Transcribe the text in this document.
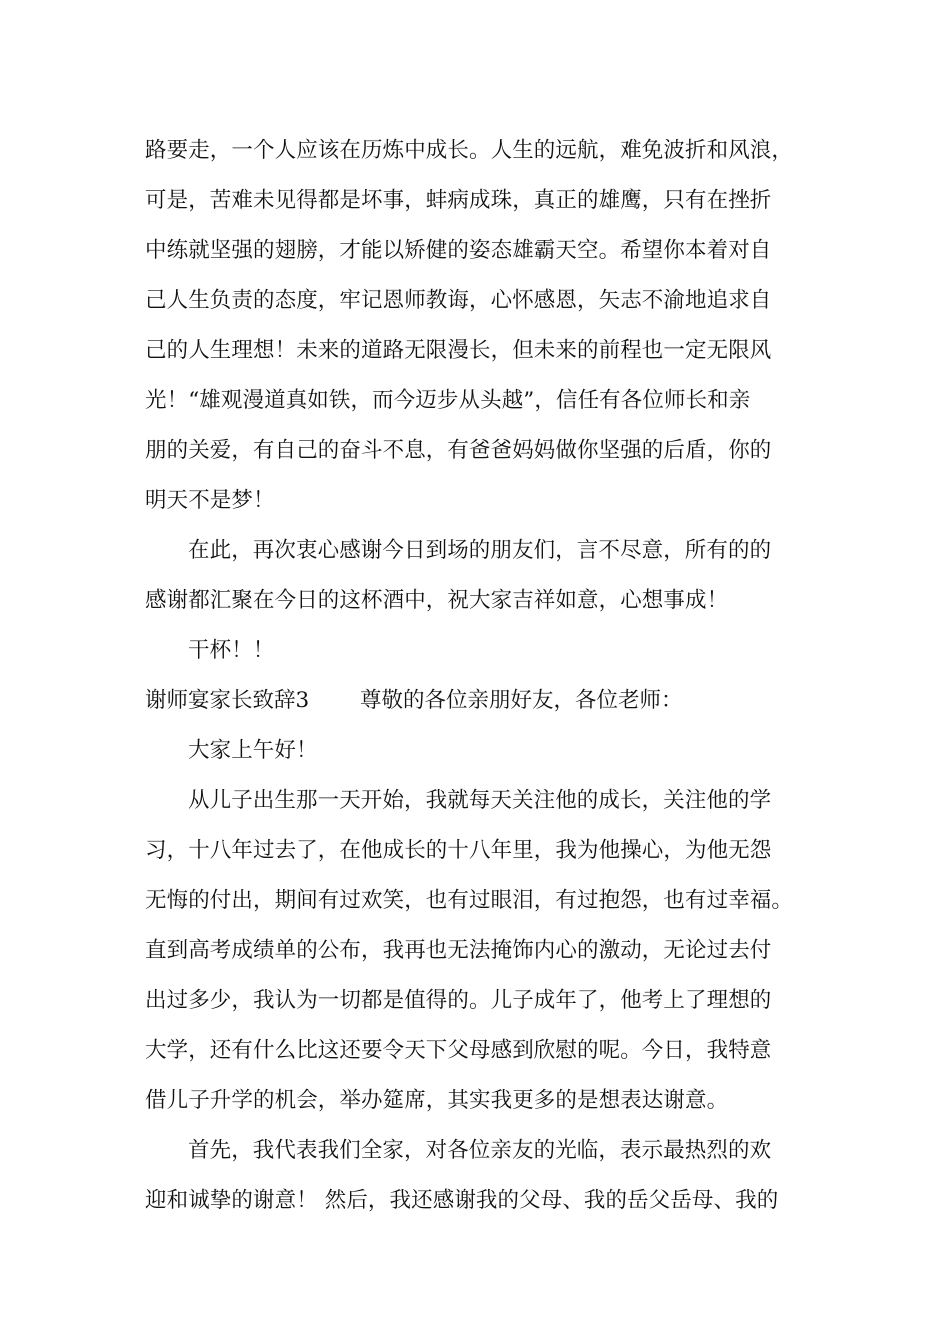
路要走，一个人应该在历炼中成长。人生的远航，难免波折和风浪，
可是，苦难未见得都是坏事，蚌病成珠，真正的雄鹰，只有在挫折
中练就坚强的翅膀，才能以矫健的姿态雄霸天空。希望你本着对自
己人生负责的态度，牢记恩师教诲，心怀感恩，矢志不渝地追求自
己的人生理想！未来的道路无限漫长，但未来的前程也一定无限风
光！“雄观漫道真如铁，而今迈步从头越”，信任有各位师长和亲
朋的关爱，有自己的奋斗不息，有爸爸妈妈做你坚强的后盾，你的
明天不是梦！
在此，再次衷心感谢今日到场的朋友们，言不尽意，所有的的
感谢都汇聚在今日的这杯酒中，祝大家吉祥如意，心想事成！
干杯！！
谢师宴家长致辞3 尊敬的各位亲朋好友，各位老师：
大家上午好！
从儿子出生那一天开始，我就每天关注他的成长，关注他的学
习，十八年过去了，在他成长的十八年里，我为他操心，为他无怨
无悔的付出，期间有过欢笑，也有过眼泪，有过抱怨，也有过幸福。
直到高考成绩单的公布，我再也无法掩饰内心的激动，无论过去付
出过多少，我认为一切都是值得的。儿子成年了，他考上了理想的
大学，还有什么比这还要令天下父母感到欣慰的呢。今日，我特意
借儿子升学的机会，举办筵席，其实我更多的是想表达谢意。
首先，我代表我们全家，对各位亲友的光临，表示最热烈的欢
迎和诚挚的谢意！ 然后，我还感谢我的父母、我的岳父岳母、我的
